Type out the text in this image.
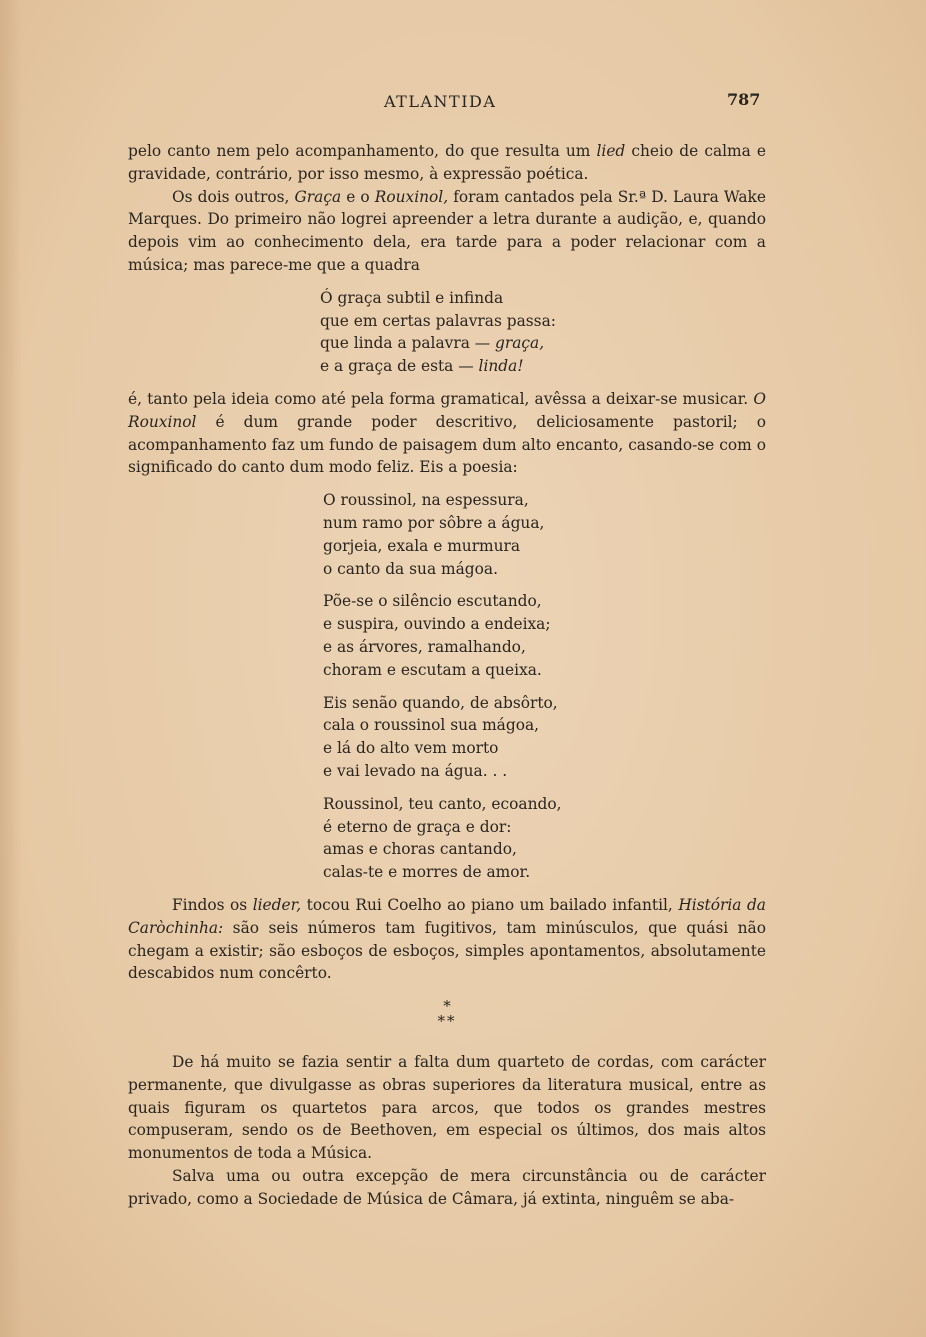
ATLANTIDA	787

pelo canto nem pelo acompanhamento, do que resulta um lied cheio de calma e gravidade, contrário, por isso mesmo, à expressão poética.

Os dois outros, Graça e o Rouxinol, foram cantados pela Sr.ª D. Laura Wake Marques. Do primeiro não logrei apreender a letra durante a audição, e, quando depois vim ao conhecimento dela, era tarde para a poder relacionar com a música; mas parece-me que a quadra

Ó graça subtil e infinda
que em certas palavras passa:
que linda a palavra — graça,
e a graça de esta — linda!

é, tanto pela ideia como até pela forma gramatical, avêssa a deixar-se musicar. O Rouxinol é dum grande poder descritivo, deliciosamente pastoril; o acompanhamento faz um fundo de paisagem dum alto encanto, casando-se com o significado do canto dum modo feliz. Eis a poesia:

O roussinol, na espessura,
num ramo por sôbre a água,
gorjeia, exala e murmura
o canto da sua mágoa.
Põe-se o silêncio escutando,
e suspira, ouvindo a endeixa;
e as árvores, ramalhando,
choram e escutam a queixa.
Eis senão quando, de absôrto,
cala o roussinol sua mágoa,
e lá do alto vem morto
e vai levado na água. . .
Roussinol, teu canto, ecoando,
é eterno de graça e dor:
amas e choras cantando,
calas-te e morres de amor.

Findos os lieder, tocou Rui Coelho ao piano um bailado infantil, História da Caròchinha: são seis números tam fugitivos, tam minúsculos, que quási não chegam a existir; são esboços de esboços, simples apontamentos, absolutamente descabidos num concêrto.

*
**

De há muito se fazia sentir a falta dum quarteto de cordas, com carácter permanente, que divulgasse as obras superiores da literatura musical, entre as quais figuram os quartetos para arcos, que todos os grandes mestres compuseram, sendo os de Beethoven, em especial os últimos, dos mais altos monumentos de toda a Música.

Salva uma ou outra excepção de mera circunstância ou de carácter privado, como a Sociedade de Música de Câmara, já extinta, ninguêm se aba-
